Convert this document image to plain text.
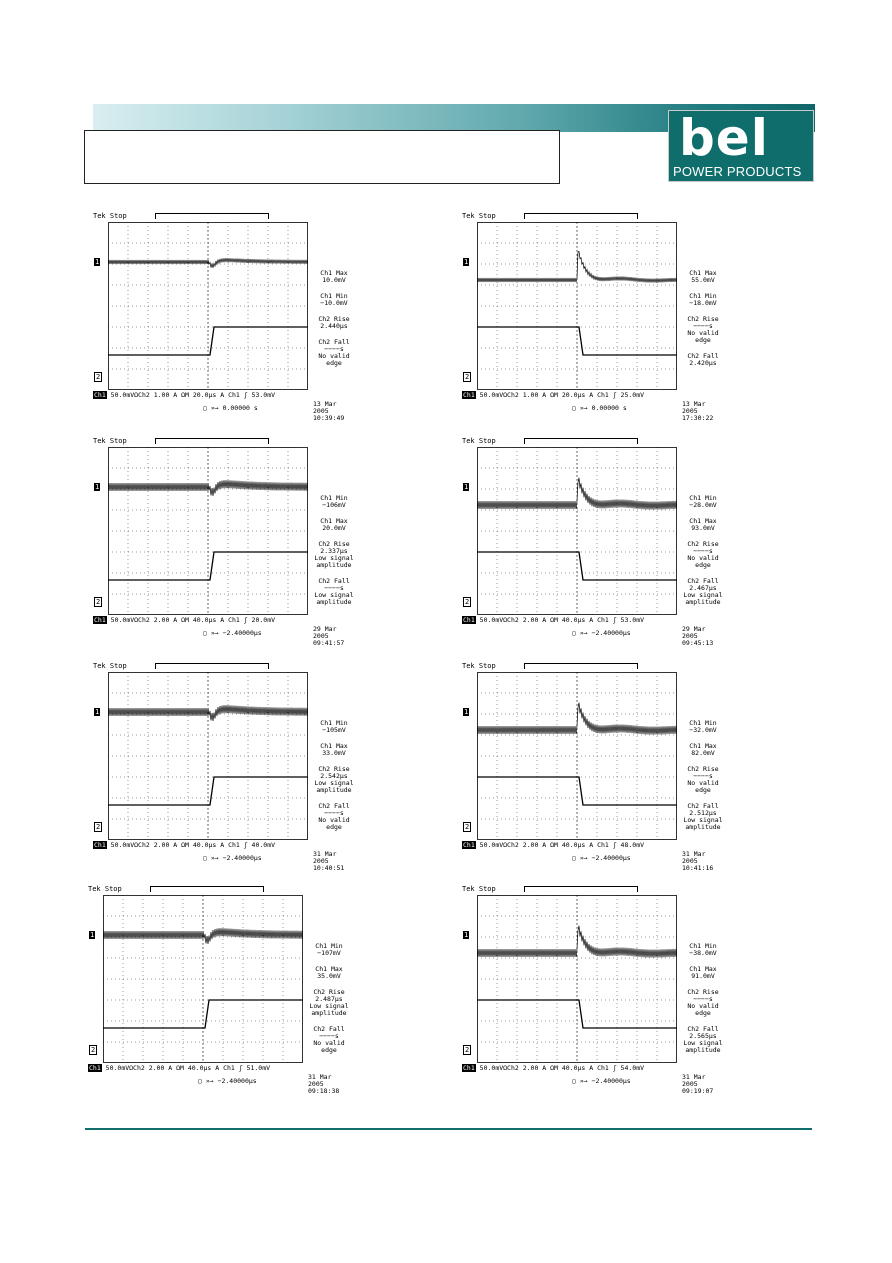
bel
POWER PRODUCTS
Tek Stop
1
2
Ch1 Max
10.0mV
Ch1 Min
−10.0mV
Ch2 Rise
2.440μs
Ch2 Fall
−−−−s
No valid
edge
Ch1 50.0mVΩCh2 1.00 A ΩM 20.0μs A Ch1 ʃ 53.0mV
▢ »→ 0.00000 s	13 Mar 2005
10:39:49
Tek Stop
1
2
Ch1 Max
55.0mV
Ch1 Min
−18.0mV
Ch2 Rise
−−−−s
No valid
edge
Ch2 Fall
2.420μs
Ch1 50.0mVΩCh2 1.00 A ΩM 20.0μs A Ch1 ʃ 25.0mV
▢ »→ 0.00000 s	13 Mar 2005
17:30:22
Tek Stop
1
2
Ch1 Min
−106mV
Ch1 Max
20.0mV
Ch2 Rise
2.337μs
Low signal
amplitude
Ch2 Fall
−−−−s
Low signal
amplitude
Ch1 50.0mVΩCh2 2.00 A ΩM 40.0μs A Ch1 ʃ 20.0mV
▢ »→ −2.40000μs	29 Mar 2005
09:41:57
Tek Stop
1
2
Ch1 Min
−28.0mV
Ch1 Max
93.0mV
Ch2 Rise
−−−−s
No valid
edge
Ch2 Fall
2.467μs
Low signal
amplitude
Ch1 50.0mVΩCh2 2.00 A ΩM 40.0μs A Ch1 ʃ 53.0mV
▢ »→ −2.40000μs	29 Mar 2005
09:45:13
Tek Stop
1
2
Ch1 Min
−105mV
Ch1 Max
33.0mV
Ch2 Rise
2.542μs
Low signal
amplitude
Ch2 Fall
−−−−s
No valid
edge
Ch1 50.0mVΩCh2 2.00 A ΩM 40.0μs A Ch1 ʃ 40.0mV
▢ »→ −2.40000μs	31 Mar 2005
10:40:51
Tek Stop
1
2
Ch1 Min
−32.0mV
Ch1 Max
82.0mV
Ch2 Rise
−−−−s
No valid
edge
Ch2 Fall
2.512μs
Low signal
amplitude
Ch1 50.0mVΩCh2 2.00 A ΩM 40.0μs A Ch1 ʃ 48.0mV
▢ »→ −2.40000μs	31 Mar 2005
10:41:16
Tek Stop
1
2
Ch1 Min
−107mV
Ch1 Max
35.0mV
Ch2 Rise
2.487μs
Low signal
amplitude
Ch2 Fall
−−−−s
No valid
edge
Ch1 50.0mVΩCh2 2.00 A ΩM 40.0μs A Ch1 ʃ 51.0mV
▢ »→ −2.40000μs	31 Mar 2005
09:18:38
Tek Stop
1
2
Ch1 Min
−38.0mV
Ch1 Max
91.0mV
Ch2 Rise
−−−−s
No valid
edge
Ch2 Fall
2.565μs
Low signal
amplitude
Ch1 50.0mVΩCh2 2.00 A ΩM 40.0μs A Ch1 ʃ 54.0mV
▢ »→ −2.40000μs	31 Mar 2005
09:19:07
